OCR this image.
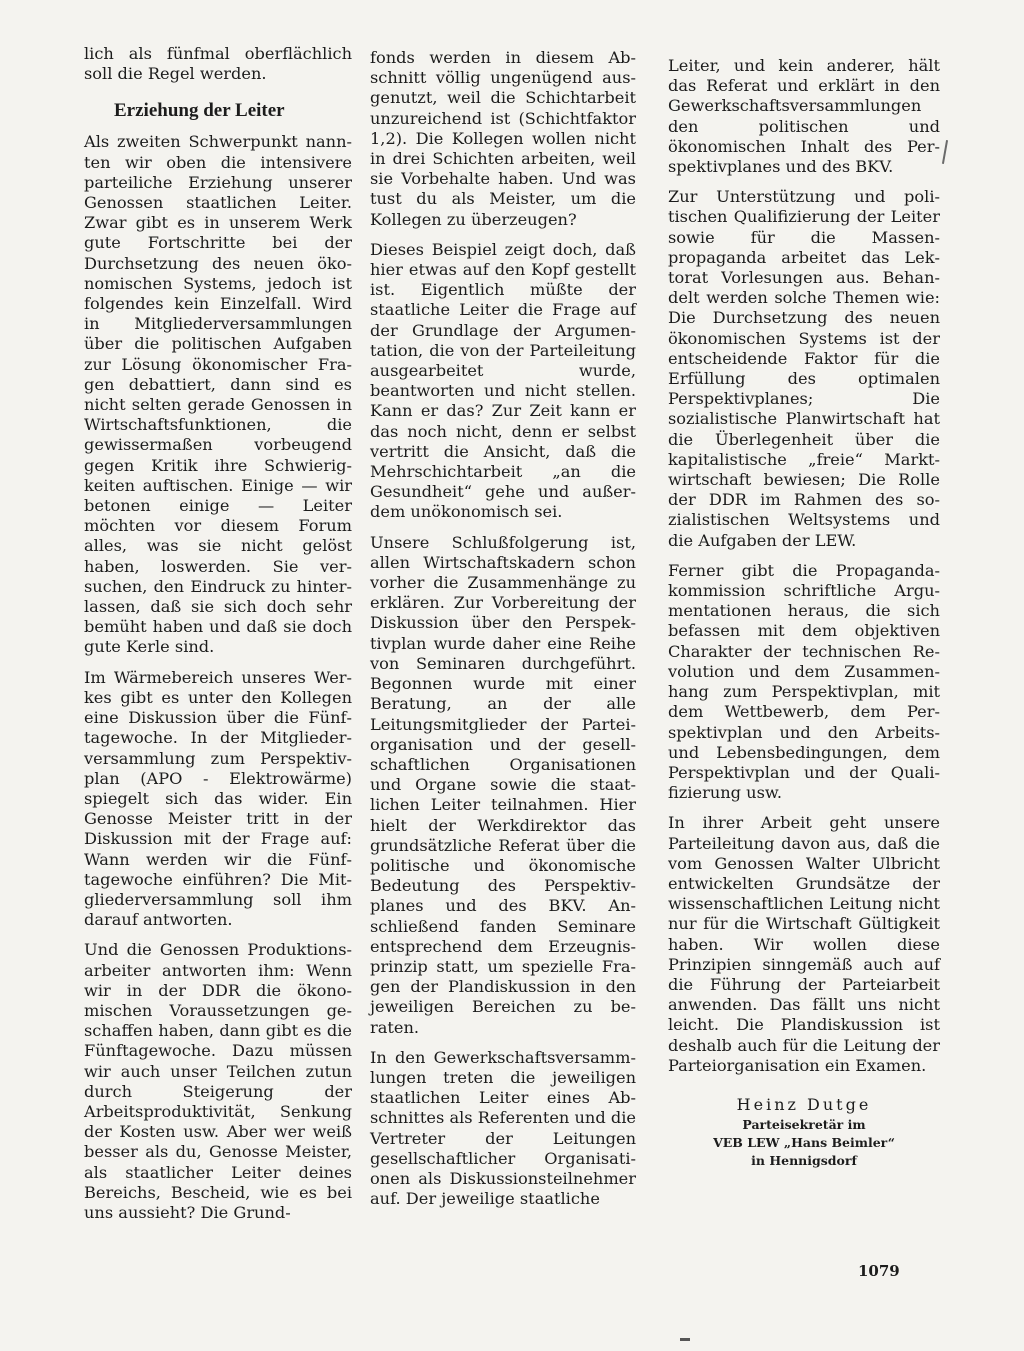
lich als fünfmal oberflächlich soll die Regel werden.

Erziehung der Leiter

Als zweiten Schwerpunkt nannten wir oben die intensivere parteiliche Erziehung unserer Genossen staatlichen Leiter. Zwar gibt es in unserem Werk gute Fortschritte bei der Durchsetzung des neuen ökonomischen Systems, jedoch ist folgendes kein Einzelfall. Wird in Mitgliederversammlungen über die politischen Aufgaben zur Lösung ökonomischer Fragen debattiert, dann sind es nicht selten gerade Genossen in Wirtschaftsfunktionen, die gewissermaßen vorbeugend gegen Kritik ihre Schwierigkeiten auftischen. Einige — wir betonen einige — Leiter möchten vor diesem Forum alles, was sie nicht gelöst haben, loswerden. Sie versuchen, den Eindruck zu hinterlassen, daß sie sich doch sehr bemüht haben und daß sie doch gute Kerle sind.

Im Wärmebereich unseres Werkes gibt es unter den Kollegen eine Diskussion über die Fünftagewoche. In der Mitgliederversammlung zum Perspektivplan (APO - Elektrowärme) spiegelt sich das wider. Ein Genosse Meister tritt in der Diskussion mit der Frage auf: Wann werden wir die Fünftagewoche einführen? Die Mitgliederversammlung soll ihm darauf antworten.

Und die Genossen Produktionsarbeiter antworten ihm: Wenn wir in der DDR die ökonomischen Voraussetzungen geschaffen haben, dann gibt es die Fünftagewoche. Dazu müssen wir auch unser Teilchen zutun durch Steigerung der Arbeitsproduktivität, Senkung der Kosten usw. Aber wer weiß besser als du, Genosse Meister, als staatlicher Leiter deines Bereichs, Bescheid, wie es bei uns aussieht? Die Grund-

fonds werden in diesem Abschnitt völlig ungenügend ausgenutzt, weil die Schichtarbeit unzureichend ist (Schichtfaktor 1,2). Die Kollegen wollen nicht in drei Schichten arbeiten, weil sie Vorbehalte haben. Und was tust du als Meister, um die Kollegen zu überzeugen?

Dieses Beispiel zeigt doch, daß hier etwas auf den Kopf gestellt ist. Eigentlich müßte der staatliche Leiter die Frage auf der Grundlage der Argumentation, die von der Parteileitung ausgearbeitet wurde, beantworten und nicht stellen. Kann er das? Zur Zeit kann er das noch nicht, denn er selbst vertritt die Ansicht, daß die Mehrschichtarbeit „an die Gesundheit“ gehe und außerdem unökonomisch sei.

Unsere Schlußfolgerung ist, allen Wirtschaftskadern schon vorher die Zusammenhänge zu erklären. Zur Vorbereitung der Diskussion über den Perspektivplan wurde daher eine Reihe von Seminaren durchgeführt. Begonnen wurde mit einer Beratung, an der alle Leitungsmitglieder der Parteiorganisation und der gesellschaftlichen Organisationen und Organe sowie die staatlichen Leiter teilnahmen. Hier hielt der Werkdirektor das grundsätzliche Referat über die politische und ökonomische Bedeutung des Perspektivplanes und des BKV. Anschließend fanden Seminare entsprechend dem Erzeugnisprinzip statt, um spezielle Fragen der Plandiskussion in den jeweiligen Bereichen zu beraten.

In den Gewerkschaftsversammlungen treten die jeweiligen staatlichen Leiter eines Abschnittes als Referenten und die Vertreter der Leitungen gesellschaftlicher Organisationen als Diskussionsteilnehmer auf. Der jeweilige staatliche

Leiter, und kein anderer, hält das Referat und erklärt in den Gewerkschaftsversammlungen den politischen und ökonomischen Inhalt des Perspektivplanes und des BKV.

Zur Unterstützung und politischen Qualifizierung der Leiter sowie für die Massenpropaganda arbeitet das Lektorat Vorlesungen aus. Behandelt werden solche Themen wie: Die Durchsetzung des neuen ökonomischen Systems ist der entscheidende Faktor für die Erfüllung des optimalen Perspektivplanes; Die sozialistische Planwirtschaft hat die Überlegenheit über die kapitalistische „freie“ Marktwirtschaft bewiesen; Die Rolle der DDR im Rahmen des sozialistischen Weltsystems und die Aufgaben der LEW.

Ferner gibt die Propagandakommission schriftliche Argumentationen heraus, die sich befassen mit dem objektiven Charakter der technischen Revolution und dem Zusammenhang zum Perspektivplan, mit dem Wettbewerb, dem Perspektivplan und den Arbeits- und Lebensbedingungen, dem Perspektivplan und der Qualifizierung usw.

In ihrer Arbeit geht unsere Parteileitung davon aus, daß die vom Genossen Walter Ulbricht entwickelten Grundsätze der wissenschaftlichen Leitung nicht nur für die Wirtschaft Gültigkeit haben. Wir wollen diese Prinzipien sinngemäß auch auf die Führung der Parteiarbeit anwenden. Das fällt uns nicht leicht. Die Plandiskussion ist deshalb auch für die Leitung der Parteiorganisation ein Examen.

Heinz Dutge
Parteisekretär im
VEB LEW „Hans Beimler“
in Hennigsdorf
1079
